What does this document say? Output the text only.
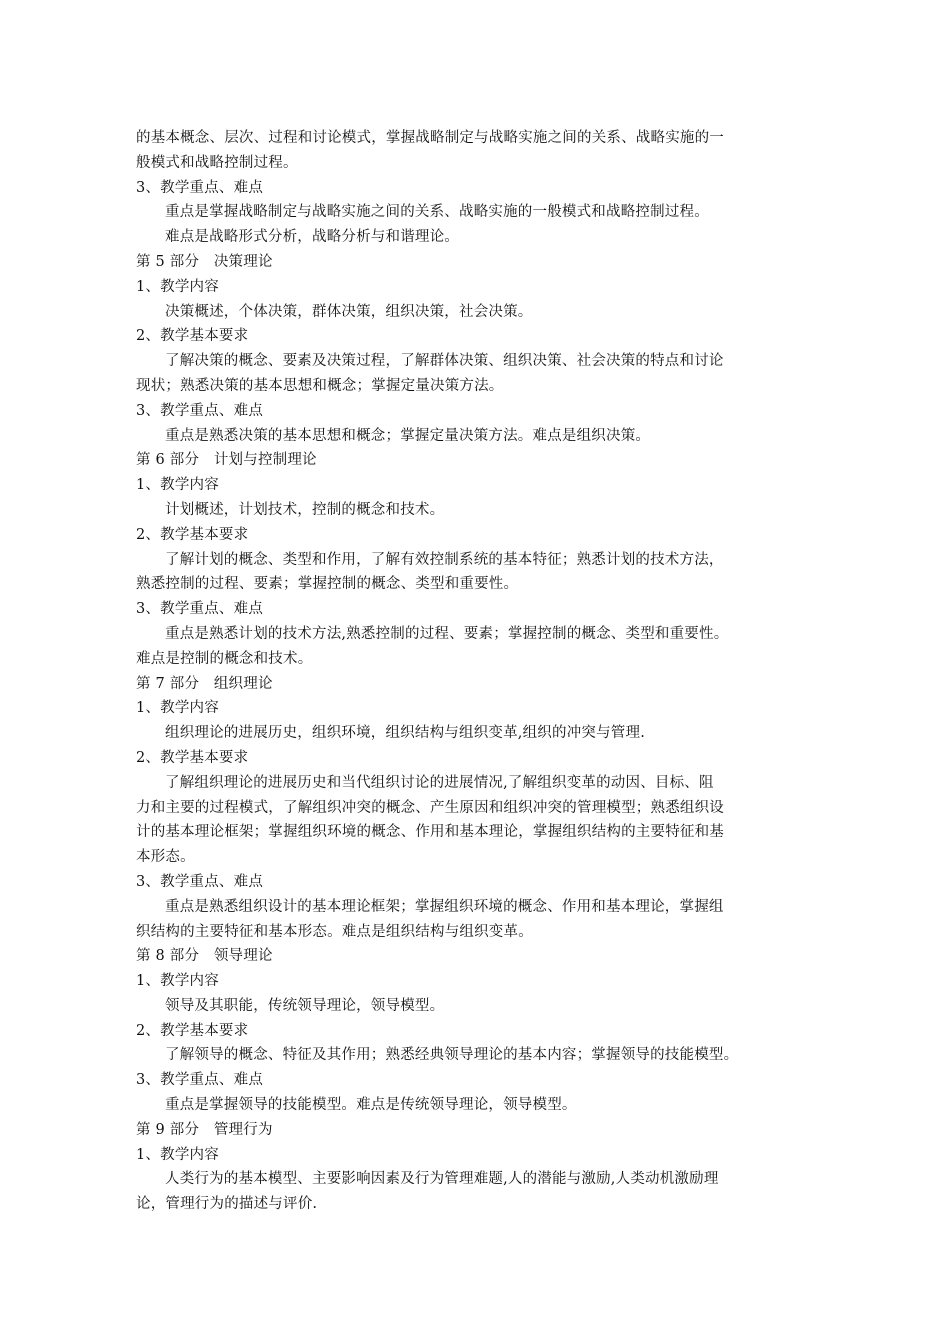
的基本概念、层次、过程和讨论模式，掌握战略制定与战略实施之间的关系、战略实施的一
般模式和战略控制过程。
3、教学重点、难点
重点是掌握战略制定与战略实施之间的关系、战略实施的一般模式和战略控制过程。
难点是战略形式分析，战略分析与和谐理论。
第 5 部分　决策理论
1、教学内容
决策概述，个体决策，群体决策，组织决策，社会决策。
2、教学基本要求
了解决策的概念、要素及决策过程，了解群体决策、组织决策、社会决策的特点和讨论
现状；熟悉决策的基本思想和概念；掌握定量决策方法。
3、教学重点、难点
重点是熟悉决策的基本思想和概念；掌握定量决策方法。难点是组织决策。
第 6 部分　计划与控制理论
1、教学内容
计划概述，计划技术，控制的概念和技术。
2、教学基本要求
了解计划的概念、类型和作用，了解有效控制系统的基本特征；熟悉计划的技术方法，
熟悉控制的过程、要素；掌握控制的概念、类型和重要性。
3、教学重点、难点
重点是熟悉计划的技术方法,熟悉控制的过程、要素；掌握控制的概念、类型和重要性。
难点是控制的概念和技术。
第 7 部分　组织理论
1、教学内容
组织理论的进展历史，组织环境，组织结构与组织变革,组织的冲突与管理.
2、教学基本要求
了解组织理论的进展历史和当代组织讨论的进展情况,了解组织变革的动因、目标、阻
力和主要的过程模式，了解组织冲突的概念、产生原因和组织冲突的管理模型；熟悉组织设
计的基本理论框架；掌握组织环境的概念、作用和基本理论，掌握组织结构的主要特征和基
本形态。
3、教学重点、难点
重点是熟悉组织设计的基本理论框架；掌握组织环境的概念、作用和基本理论，掌握组
织结构的主要特征和基本形态。难点是组织结构与组织变革。
第 8 部分　领导理论
1、教学内容
领导及其职能，传统领导理论，领导模型。
2、教学基本要求
了解领导的概念、特征及其作用；熟悉经典领导理论的基本内容；掌握领导的技能模型。
3、教学重点、难点
重点是掌握领导的技能模型。难点是传统领导理论，领导模型。
第 9 部分　管理行为
1、教学内容
人类行为的基本模型、主要影响因素及行为管理难题,人的潜能与激励,人类动机激励理
论，管理行为的描述与评价.
